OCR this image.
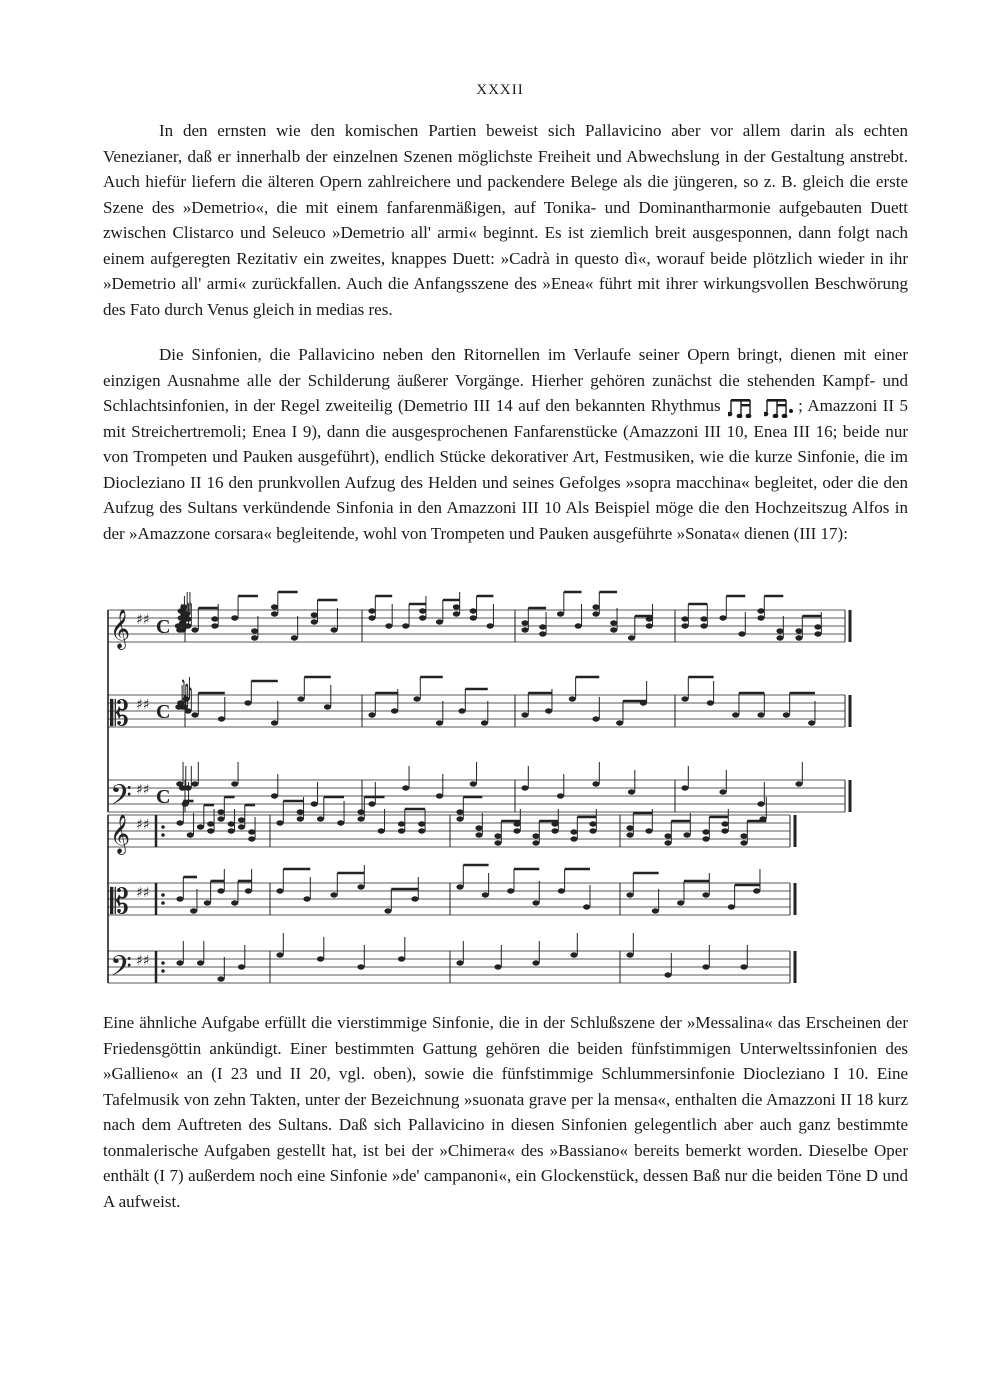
XXXII

In den ernsten wie den komischen Partien beweist sich Pallavicino aber vor allem darin als echten Venezianer, daß er innerhalb der einzelnen Szenen möglichste Freiheit und Abwechslung in der Gestaltung anstrebt. Auch hiefür liefern die älteren Opern zahlreichere und packendere Belege als die jüngeren, so z. B. gleich die erste Szene des »Demetrio«, die mit einem fanfarenmäßigen, auf Tonika- und Dominantharmonie aufgebauten Duett zwischen Clistarco und Seleuco »Demetrio all' armi« beginnt. Es ist ziemlich breit ausgesponnen, dann folgt nach einem aufgeregten Rezitativ ein zweites, knappes Duett: »Cadrà in questo dì«, worauf beide plötzlich wieder in ihr »Demetrio all' armi« zurückfallen. Auch die Anfangsszene des »Enea« führt mit ihrer wirkungsvollen Beschwörung des Fato durch Venus gleich in medias res.

Die Sinfonien, die Pallavicino neben den Ritornellen im Verlaufe seiner Opern bringt, dienen mit einer einzigen Ausnahme alle der Schilderung äußerer Vorgänge. Hierher gehören zunächst die stehenden Kampf- und Schlachtsinfonien, in der Regel zweiteilig (Demetrio III 14 auf den bekannten Rhythmus	; Amazzoni II 5 mit Streichertremoli; Enea I 9), dann die ausgesprochenen Fanfarenstücke (Amazzoni III 10, Enea III 16; beide nur von Trompeten und Pauken ausgeführt), endlich Stücke dekorativer Art, Festmusiken, wie die kurze Sinfonie, die im Diocleziano II 16 den prunkvollen Aufzug des Helden und seines Gefolges »sopra macchina« begleitet, oder die den Aufzug des Sultans verkündende Sinfonia in den Amazzoni III 10 Als Beispiel möge die den Hochzeitszug Alfos in der »Amazzone corsara« begleitende, wohl von Trompeten und Pauken ausgeführte »Sonata« dienen (III 17):

𝄞 ♯♯ C
𝄡 ♯♯ C
𝄢 ♯♯ C
𝄞 ♯♯
𝄡 ♯♯
𝄢 ♯♯

Eine ähnliche Aufgabe erfüllt die vierstimmige Sinfonie, die in der Schlußszene der »Messalina« das Erscheinen der Friedensgöttin ankündigt. Einer bestimmten Gattung gehören die beiden fünfstimmigen Unterweltssinfonien des »Gallieno« an (I 23 und II 20, vgl. oben), sowie die fünfstimmige Schlummersinfonie Diocleziano I 10. Eine Tafelmusik von zehn Takten, unter der Bezeichnung »suonata grave per la mensa«, enthalten die Amazzoni II 18 kurz nach dem Auftreten des Sultans. Daß sich Pallavicino in diesen Sinfonien gelegentlich aber auch ganz bestimmte tonmalerische Aufgaben gestellt hat, ist bei der »Chimera« des »Bassiano« bereits bemerkt worden. Dieselbe Oper enthält (I 7) außerdem noch eine Sinfonie »de' campanoni«, ein Glockenstück, dessen Baß nur die beiden Töne D und A aufweist.
